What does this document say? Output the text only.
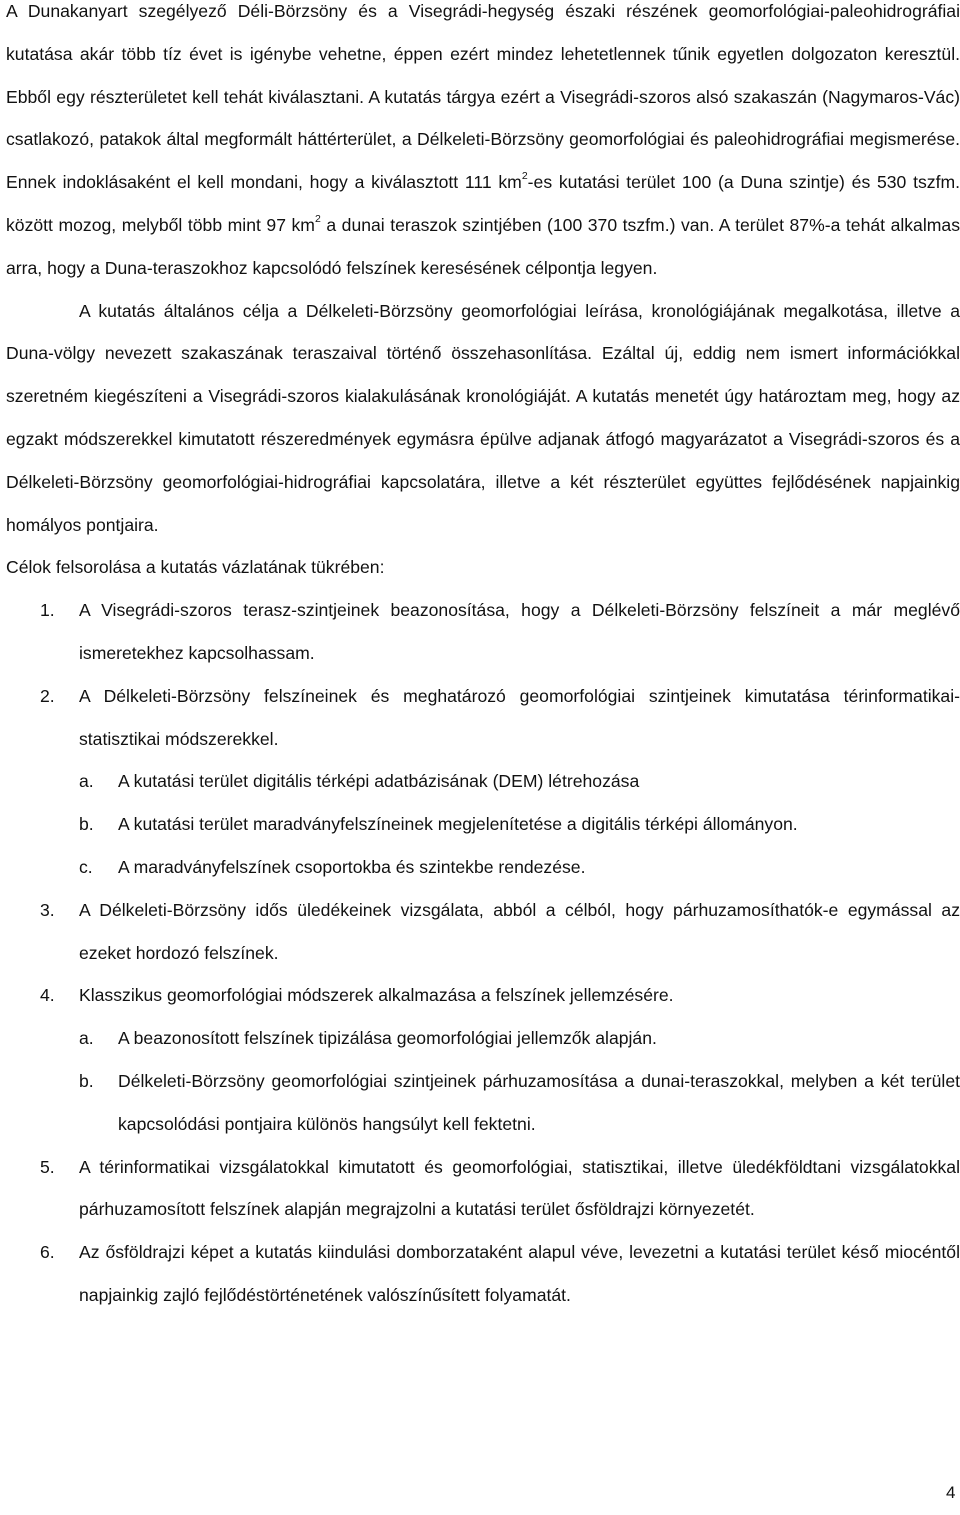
A Dunakanyart szegélyező Déli-Börzsöny és a Visegrádi-hegység északi részének geomorfológiai-paleohidrográfiai kutatása akár több tíz évet is igénybe vehetne, éppen ezért mindez lehetetlennek tűnik egyetlen dolgozaton keresztül. Ebből egy részterületet kell tehát kiválasztani. A kutatás tárgya ezért a Visegrádi-szoros alsó szakaszán (Nagymaros-Vác) csatlakozó, patakok által megformált háttérterület, a Délkeleti-Börzsöny geomorfológiai és paleohidrográfiai megismerése. Ennek indoklásaként el kell mondani, hogy a kiválasztott 111 $km^2-es$ kutatási terület 100 (a Duna szintje) és 530 tszfm. között mozog, melyből több mint 97 $km^2$ a dunai teraszok szintjében (100 370 tszfm.) van. A terület 87%-a tehát alkalmas arra, hogy a Duna-teraszokhoz kapcsolódó felszínek keresésének célpontja legyen.

A kutatás általános célja a Délkeleti-Börzsöny geomorfológiai leírása, kronológiájának megalkotása, illetve a Duna-völgy nevezett szakaszának teraszaival történő összehasonlítása. Ezáltal új, eddig nem ismert információkkal szeretném kiegészíteni a Visegrádi-szoros kialakulásának kronológiáját. A kutatás menetét úgy határoztam meg, hogy az egzakt módszerekkel kimutatott részeredmények egymásra épülve adjanak átfogó magyarázatot a Visegrádi-szoros és a Délkeleti-Börzsöny geomorfológiai-hidrográfiai kapcsolatára, illetve a két részterület együttes fejlődésének napjainkig homályos pontjaira.

Célok felsorolása a kutatás vázlatának tükrében:

1. A Visegrádi-szoros terasz-szintjeinek beazonosítása, hogy a Délkeleti-Börzsöny felszíneit a már meglévő ismeretekhez kapcsolhassam.
2. A Délkeleti-Börzsöny felszíneinek és meghatározó geomorfológiai szintjeinek kimutatása térinformatikai-statisztikai módszerekkel.
a. A kutatási terület digitális térképi adatbázisának (DEM) létrehozása
b. A kutatási terület maradványfelszíneinek megjelenítetése a digitális térképi állományon.
c. A maradványfelszínek csoportokba és szintekbe rendezése.
3. A Délkeleti-Börzsöny idős üledékeinek vizsgálata, abból a célból, hogy párhuzamosíthatók-e egymással az ezeket hordozó felszínek.
4. Klasszikus geomorfológiai módszerek alkalmazása a felszínek jellemzésére.
a. A beazonosított felszínek tipizálása geomorfológiai jellemzők alapján.
b. Délkeleti-Börzsöny geomorfológiai szintjeinek párhuzamosítása a dunai-teraszokkal, melyben a két terület kapcsolódási pontjaira különös hangsúlyt kell fektetni.
5. A térinformatikai vizsgálatokkal kimutatott és geomorfológiai, statisztikai, illetve üledékföldtani vizsgálatokkal párhuzamosított felszínek alapján megrajzolni a kutatási terület ősföldrajzi környezetét.
6. Az ősföldrajzi képet a kutatás kiindulási domborzataként alapul véve, levezetni a kutatási terület késő miocéntől napjainkig zajló fejlődéstörténetének valószínűsített folyamatát.
4
